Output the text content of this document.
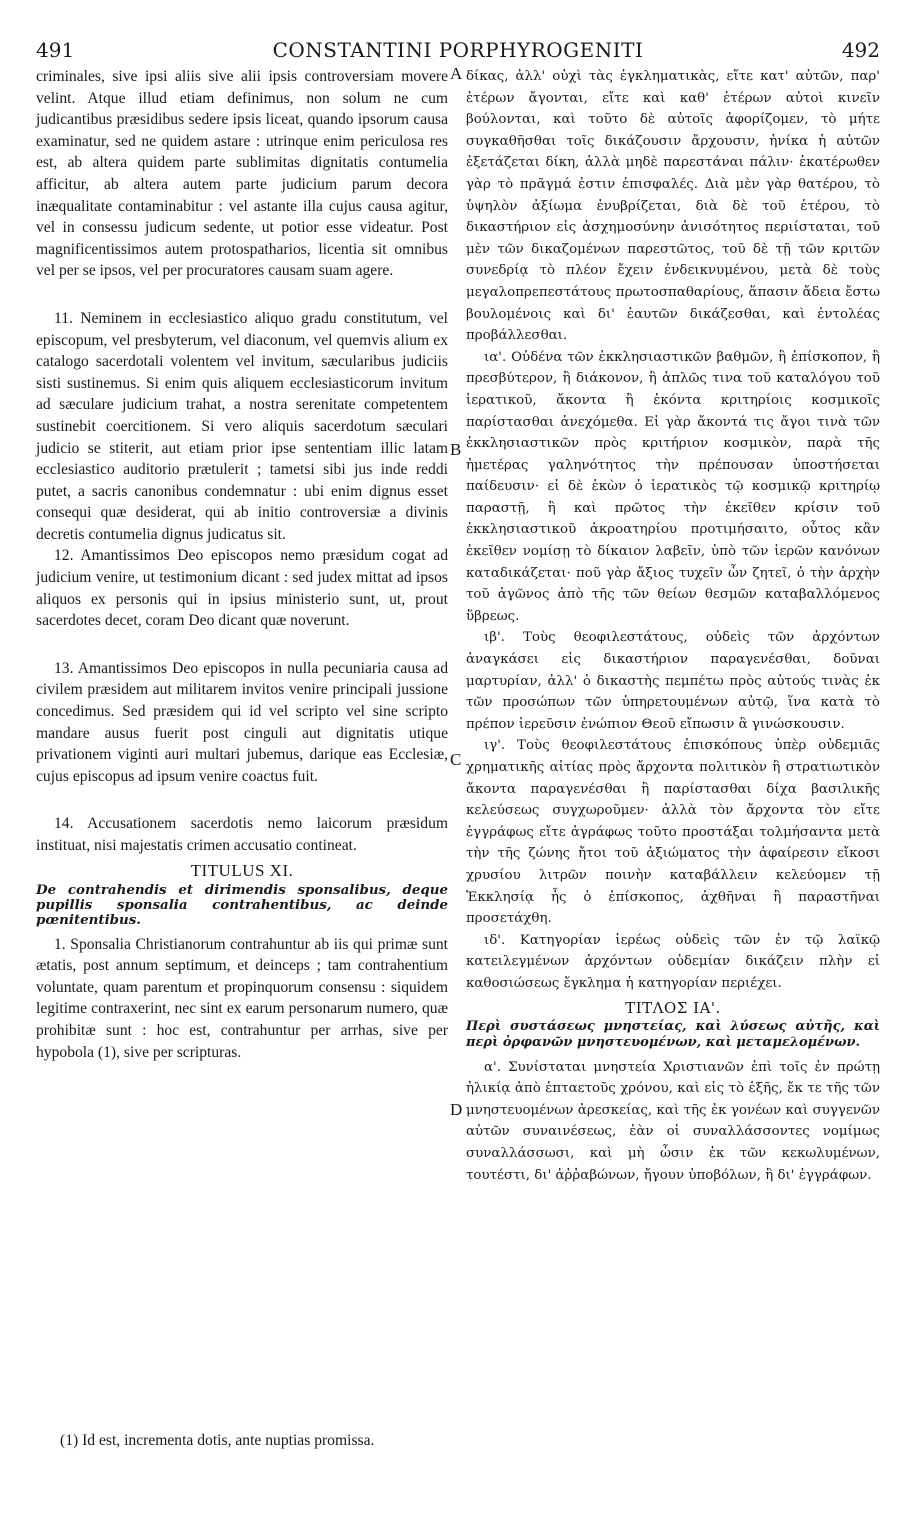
491	CONSTANTINI PORPHYROGENITI	492
A
B
C
D

criminales, sive ipsi aliis sive alii ipsis controversiam movere velint. Atque illud etiam definimus, non solum ne cum judicantibus præsidibus sedere ipsis liceat, quando ipsorum causa examinatur, sed ne quidem astare : utrinque enim periculosa res est, ab altera quidem parte sublimitas dignitatis contumelia afficitur, ab altera autem parte judicium parum decora inæqualitate contaminabitur : vel astante illa cujus causa agitur, vel in consessu judicum sedente, ut potior esse videatur. Post magnificentissimos autem protospatharios, licentia sit omnibus vel per se ipsos, vel per procuratores causam suam agere.

11. Neminem in ecclesiastico aliquo gradu constitutum, vel episcopum, vel presbyterum, vel diaconum, vel quemvis alium ex catalogo sacerdotali volentem vel invitum, sæcularibus judiciis sisti sustinemus. Si enim quis aliquem ecclesiasticorum invitum ad sæculare judicium trahat, a nostra serenitate competentem sustinebit coercitionem. Si vero aliquis sacerdotum sæculari judicio se stiterit, aut etiam prior ipse sententiam illic latam ecclesiastico auditorio prætulerit ; tametsi sibi jus inde reddi putet, a sacris canonibus condemnatur : ubi enim dignus esset consequi quæ desiderat, qui ab initio controversiæ a divinis decretis contumelia dignus judicatus sit.

12. Amantissimos Deo episcopos nemo præsidum cogat ad judicium venire, ut testimonium dicant : sed judex mittat ad ipsos aliquos ex personis qui in ipsius ministerio sunt, ut, prout sacerdotes decet, coram Deo dicant quæ noverunt.

13. Amantissimos Deo episcopos in nulla pecuniaria causa ad civilem præsidem aut militarem invitos venire principali jussione concedimus. Sed præsidem qui id vel scripto vel sine scripto mandare ausus fuerit post cinguli aut dignitatis utique privationem viginti auri multari jubemus, darique eas Ecclesiæ, cujus episcopus ad ipsum venire coactus fuit.

14. Accusationem sacerdotis nemo laicorum præsidum instituat, nisi majestatis crimen accusatio contineat.

TITULUS XI.
De contrahendis et dirimendis sponsalibus, deque pupillis sponsalia contrahentibus, ac deinde pœnitentibus.

1. Sponsalia Christianorum contrahuntur ab iis qui primæ sunt ætatis, post annum septimum, et deinceps ; tam contrahentium voluntate, quam parentum et propinquorum consensu : siquidem legitime contraxerint, nec sint ex earum personarum numero, quæ prohibitæ sunt : hoc est, contrahuntur per arrhas, sive per hypobola (1), sive per scripturas.

δίκας, ἀλλ' οὐχὶ τὰς ἐγκληματικὰς, εἴτε κατ' αὐτῶν, παρ' ἑτέρων ἄγονται, εἴτε καὶ καθ' ἑτέρων αὐτοὶ κινεῖν βούλονται, καὶ τοῦτο δὲ αὐτοῖς ἀφορίζομεν, τὸ μήτε συγκαθῆσθαι τοῖς δικάζουσιν ἄρχουσιν, ἡνίκα ἡ αὐτῶν ἐξετάζεται δίκη, ἀλλὰ μηδὲ παρεστάναι πάλιν· ἑκατέρωθεν γὰρ τὸ πρᾶγμά ἐστιν ἐπισφαλές. Διὰ μὲν γὰρ θατέρου, τὸ ὑψηλὸν ἀξίωμα ἐνυβρίζεται, διὰ δὲ τοῦ ἑτέρου, τὸ δικαστήριον εἰς ἀσχημοσύνην ἀνισότητος περιίσταται, τοῦ μὲν τῶν δικαζομένων παρεστῶτος, τοῦ δὲ τῇ τῶν κριτῶν συνεδρίᾳ τὸ πλέον ἔχειν ἐνδεικνυμένου, μετὰ δὲ τοὺς μεγαλοπρεπεστάτους πρωτοσπαθαρίους, ἅπασιν ἄδεια ἔστω βουλομένοις καὶ δι' ἑαυτῶν δικάζεσθαι, καὶ ἐντολέας προβάλλεσθαι.

ια'. Οὐδένα τῶν ἐκκλησιαστικῶν βαθμῶν, ἢ ἐπίσκοπον, ἢ πρεσβύτερον, ἢ διάκονον, ἢ ἁπλῶς τινα τοῦ καταλόγου τοῦ ἱερατικοῦ, ἄκοντα ἢ ἑκόντα κριτηρίοις κοσμικοῖς παρίστασθαι ἀνεχόμεθα. Εἰ γὰρ ἄκοντά τις ἄγοι τινὰ τῶν ἐκκλησιαστικῶν πρὸς κριτήριον κοσμικὸν, παρὰ τῆς ἡμετέρας γαληνότητος τὴν πρέπουσαν ὑποστήσεται παίδευσιν· εἰ δὲ ἑκὼν ὁ ἱερατικὸς τῷ κοσμικῷ κριτηρίῳ παραστῇ, ἢ καὶ πρῶτος τὴν ἐκεῖθεν κρίσιν τοῦ ἐκκλησιαστικοῦ ἀκροατηρίου προτιμήσαιτο, οὗτος κἂν ἐκεῖθεν νομίσῃ τὸ δίκαιον λαβεῖν, ὑπὸ τῶν ἱερῶν κανόνων καταδικάζεται· ποῦ γὰρ ἄξιος τυχεῖν ὧν ζητεῖ, ὁ τὴν ἀρχὴν τοῦ ἀγῶνος ἀπὸ τῆς τῶν θείων θεσμῶν καταβαλλόμενος ὕβρεως.

ιβ'. Τοὺς θεοφιλεστάτους, οὐδεὶς τῶν ἀρχόντων ἀναγκάσει εἰς δικαστήριον παραγενέσθαι, δοῦναι μαρτυρίαν, ἀλλ' ὁ δικαστὴς πεμπέτω πρὸς αὐτούς τινὰς ἐκ τῶν προσώπων τῶν ὑπηρετουμένων αὐτῷ, ἵνα κατὰ τὸ πρέπον ἱερεῦσιν ἐνώπιον Θεοῦ εἴπωσιν ἃ γινώσκουσιν.

ιγ'. Τοὺς θεοφιλεστάτους ἐπισκόπους ὑπὲρ οὐδεμιᾶς χρηματικῆς αἰτίας πρὸς ἄρχοντα πολιτικὸν ἢ στρατιωτικὸν ἄκοντα παραγενέσθαι ἢ παρίστασθαι δίχα βασιλικῆς κελεύσεως συγχωροῦμεν· ἀλλὰ τὸν ἄρχοντα τὸν εἴτε ἐγγράφως εἴτε ἀγράφως τοῦτο προστάξαι τολμήσαντα μετὰ τὴν τῆς ζώνης ἤτοι τοῦ ἀξιώματος τὴν ἀφαίρεσιν εἴκοσι χρυσίου λιτρῶν ποινὴν καταβάλλειν κελεύομεν τῇ Ἐκκλησίᾳ ἧς ὁ ἐπίσκοπος, ἀχθῆναι ἢ παραστῆναι προσετάχθη.

ιδ'. Κατηγορίαν ἱερέως οὐδεὶς τῶν ἐν τῷ λαϊκῷ κατειλεγμένων ἀρχόντων οὐδεμίαν δικάζειν πλὴν εἰ καθοσιώσεως ἔγκλημα ἡ κατηγορίαν περιέχει.

ΤΙΤΛΟΣ ΙΑ'.
Περὶ συστάσεως μνηστείας, καὶ λύσεως αὐτῆς, καὶ περὶ ὀρφανῶν μνηστευομένων, καὶ μεταμελομένων.

α'. Συνίσταται μνηστεία Χριστιανῶν ἐπὶ τοῖς ἐν πρώτῃ ἡλικίᾳ ἀπὸ ἑπταετοῦς χρόνου, καὶ εἰς τὸ ἑξῆς, ἔκ τε τῆς τῶν μνηστευομένων ἀρεσκείας, καὶ τῆς ἐκ γονέων καὶ συγγενῶν αὐτῶν συναινέσεως, ἐὰν οἱ συναλλάσσοντες νομίμως συναλλάσσωσι, καὶ μὴ ὦσιν ἐκ τῶν κεκωλυμένων, τουτέστι, δι' ἀῤῥαβώνων, ἤγουν ὑποβόλων, ἢ δι' ἐγγράφων.

(1) Id est, incrementa dotis, ante nuptias promissa.
